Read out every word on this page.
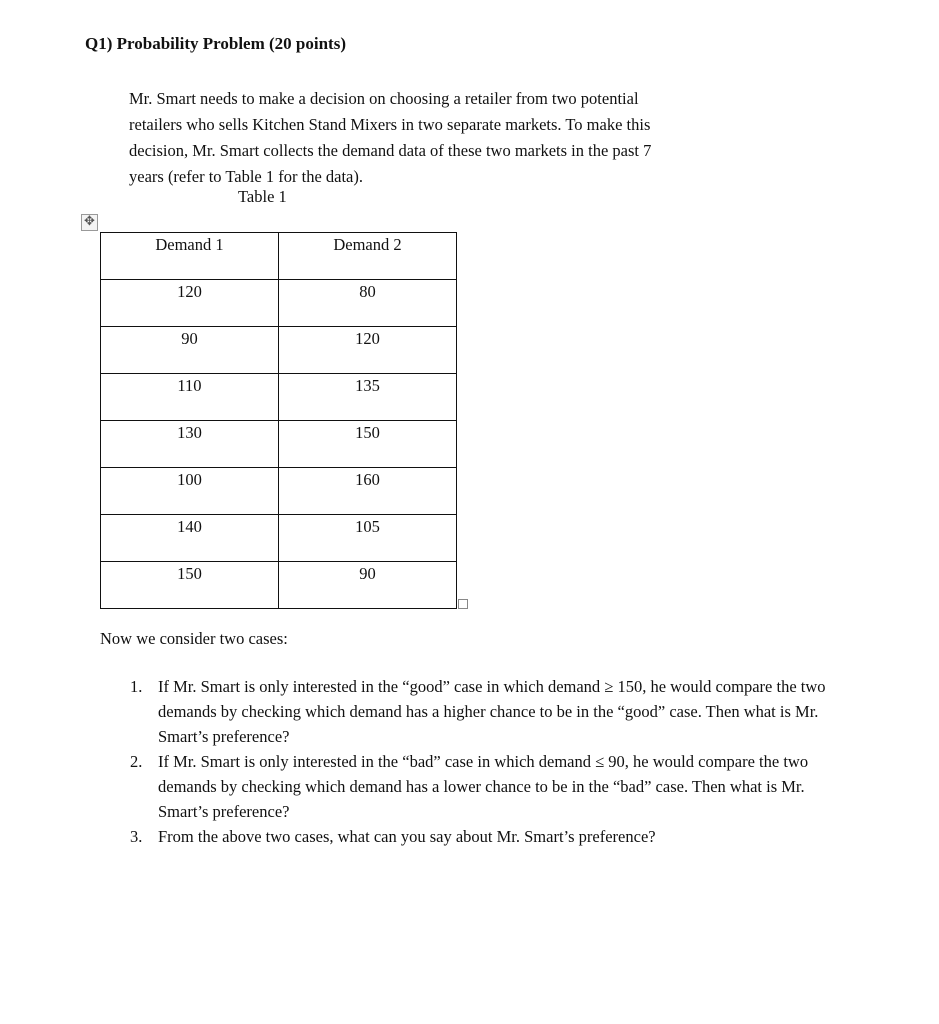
Q1) Probability Problem (20 points)

Mr. Smart needs to make a decision on choosing a retailer from two potential

retailers who sells Kitchen Stand Mixers in two separate markets. To make this

decision, Mr. Smart collects the demand data of these two markets in the past 7

years (refer to Table 1 for the data).

Table 1
✥
Demand 1	Demand 2
120	80
90	120
110	135
130	150
100	160
140	105
150	90
Now we consider two cases:
1. If Mr. Smart is only interested in the “good” case in which demand ≥ 150, he would compare the two demands by checking which demand has a higher chance to be in the “good” case. Then what is Mr. Smart’s preference?
2. If Mr. Smart is only interested in the “bad” case in which demand ≤ 90, he would compare the two demands by checking which demand has a lower chance to be in the “bad” case. Then what is Mr. Smart’s preference?
3. From the above two cases, what can you say about Mr. Smart’s preference?
